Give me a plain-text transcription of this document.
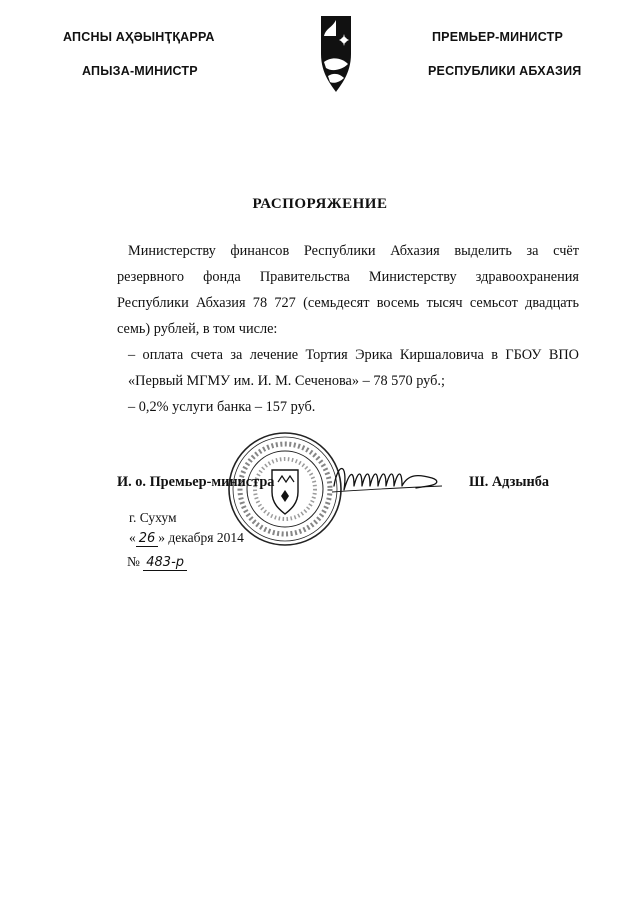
АПСНЫ АҲӘЫНҬҚАРРА
АПЫЗА-МИНИСТР
ПРЕМЬЕР-МИНИСТР
РЕСПУБЛИКИ АБХАЗИЯ
РАСПОРЯЖЕНИЕ

Министерству финансов Республики Абхазия выделить за счёт резервного фонда Правительства Министерству здравоохранения Республики Абхазия 78 727 (семьдесят восемь тысяч семьсот двадцать семь) рублей, в том числе:

– оплата счета за лечение Тортия Эрика Киршаловича в ГБОУ ВПО «Первый МГМУ им. И. М. Сеченова» – 78 570 руб.;

– 0,2% услуги банка – 157 руб.

И. о. Премьер-министра	Ш. Адзынба
г. Сухум
« 26 » декабря 2014
№ 483-р
